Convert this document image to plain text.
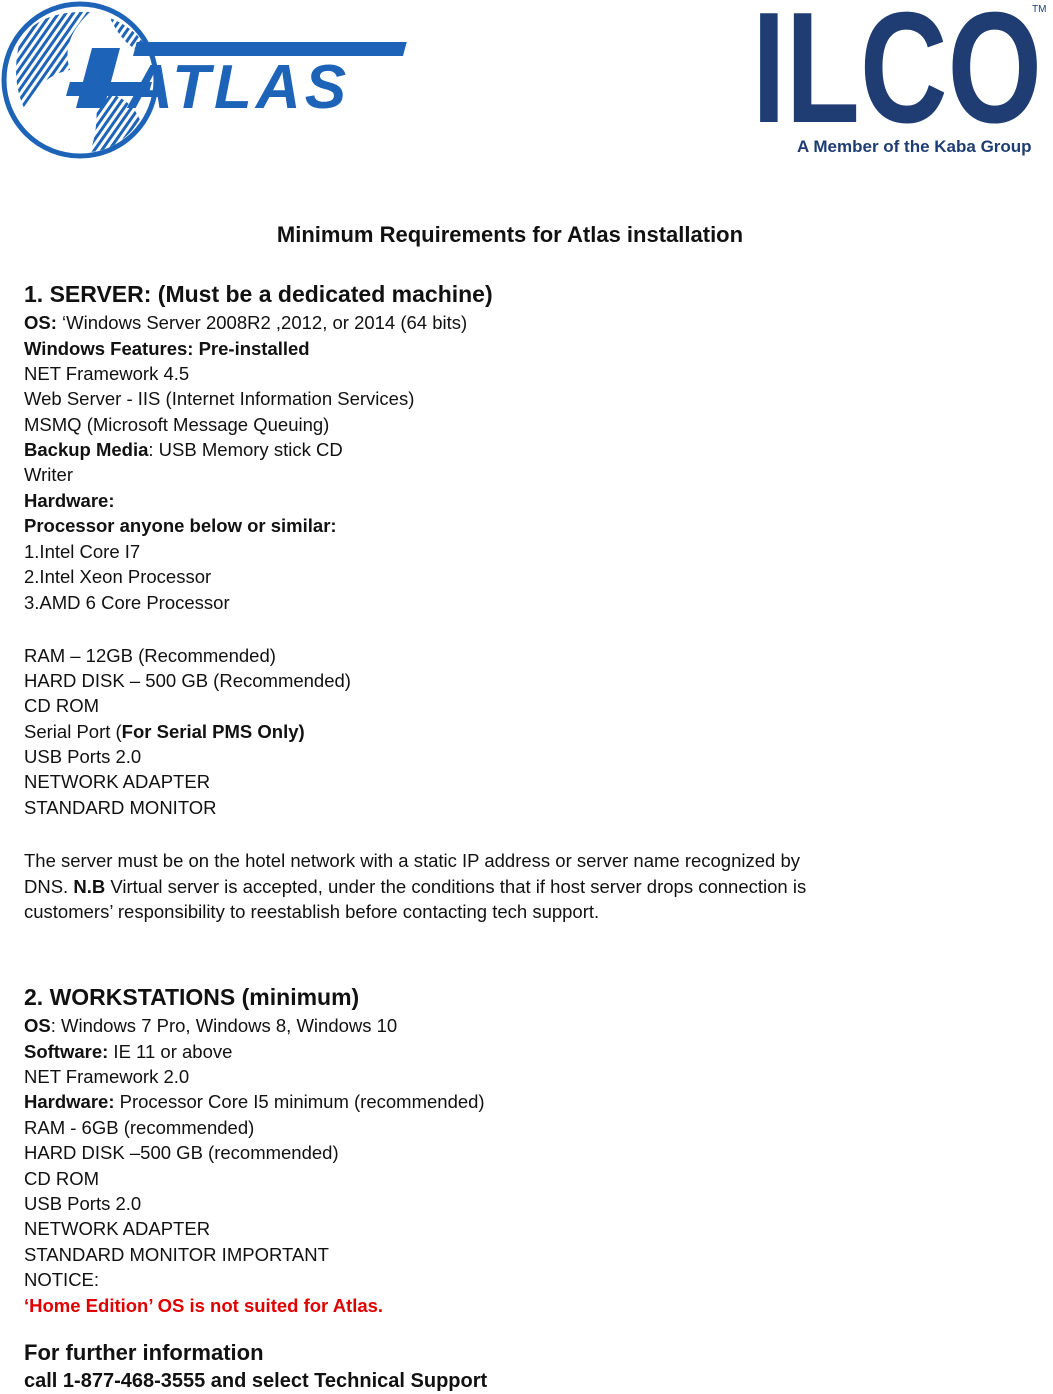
ATLAS	ILCO
TM
A Member of the Kaba Group
Minimum Requirements for Atlas installation
1. SERVER: (Must be a dedicated machine)
OS: ‘Windows Server 2008R2 ,2012, or 2014 (64 bits)
Windows Features: Pre-installed
NET Framework 4.5
Web Server - IIS (Internet Information Services)
MSMQ (Microsoft Message Queuing)
Backup Media: USB Memory stick CD
Writer
Hardware:
Processor anyone below or similar:
1.Intel Core I7
2.Intel Xeon Processor
3.AMD 6 Core Processor
RAM – 12GB (Recommended)
HARD DISK – 500 GB (Recommended)
CD ROM
Serial Port (For Serial PMS Only)
USB Ports 2.0
NETWORK ADAPTER
STANDARD MONITOR
The server must be on the hotel network with a static IP address or server name recognized by
DNS. N.B Virtual server is accepted, under the conditions that if host server drops connection is
customers’ responsibility to reestablish before contacting tech support.
2. WORKSTATIONS (minimum)
OS: Windows 7 Pro, Windows 8, Windows 10
Software: IE 11 or above
NET Framework 2.0
Hardware: Processor Core I5 minimum (recommended)
RAM - 6GB (recommended)
HARD DISK –500 GB (recommended)
CD ROM
USB Ports 2.0
NETWORK ADAPTER
STANDARD MONITOR IMPORTANT
NOTICE:
‘Home Edition’ OS is not suited for Atlas.
For further information
call 1-877-468-3555 and select Technical Support
